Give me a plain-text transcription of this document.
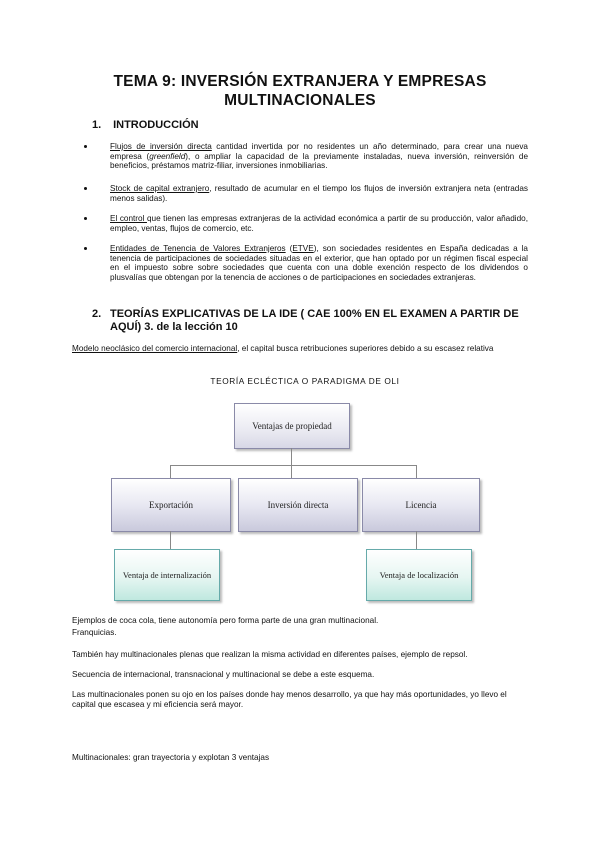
TEMA 9: INVERSIÓN EXTRANJERA Y EMPRESAS MULTINACIONALES
1. INTRODUCCIÓN
Flujos de inversión directa cantidad invertida por no residentes un año determinado, para crear una nueva empresa (greenfield), o ampliar la capacidad de la previamente instaladas, nueva inversión, reinversión de beneficios, préstamos matriz-filiar, inversiones inmobiliarias.
Stock de capital extranjero, resultado de acumular en el tiempo los flujos de inversión extranjera neta (entradas menos salidas).
El control que tienen las empresas extranjeras de la actividad económica a partir de su producción, valor añadido, empleo, ventas, flujos de comercio, etc.
Entidades de Tenencia de Valores Extranjeros (ETVE), son sociedades residentes en España dedicadas a la tenencia de participaciones de sociedades situadas en el exterior, que han optado por un régimen fiscal especial en el impuesto sobre sobre sociedades que cuenta con una doble exención respecto de los dividendos o plusvalías que obtengan por la tenencia de acciones o de participaciones en sociedades extranjeras.
2. TEORÍAS EXPLICATIVAS DE LA IDE ( CAE 100% EN EL EXAMEN A PARTIR DE AQUÍ) 3. de la lección 10
Modelo neoclásico del comercio internacional, el capital busca retribuciones superiores debido a su escasez relativa
TEORÍA ECLÉCTICA O PARADIGMA DE OLI
Ventajas de propiedad
Exportación	Inversión directa	Licencia
Ventaja de internalización	Ventaja de localización
Ejemplos de coca cola, tiene autonomía pero forma parte de una gran multinacional.
Franquicias.
También hay multinacionales plenas que realizan la misma actividad en diferentes países, ejemplo de repsol.
Secuencia de internacional, transnacional y multinacional se debe a este esquema.
Las multinacionales ponen su ojo en los países donde hay menos desarrollo, ya que hay más oportunidades, yo llevo el capital que escasea y mi eficiencia será mayor.
Multinacionales: gran trayectoria y explotan 3 ventajas
